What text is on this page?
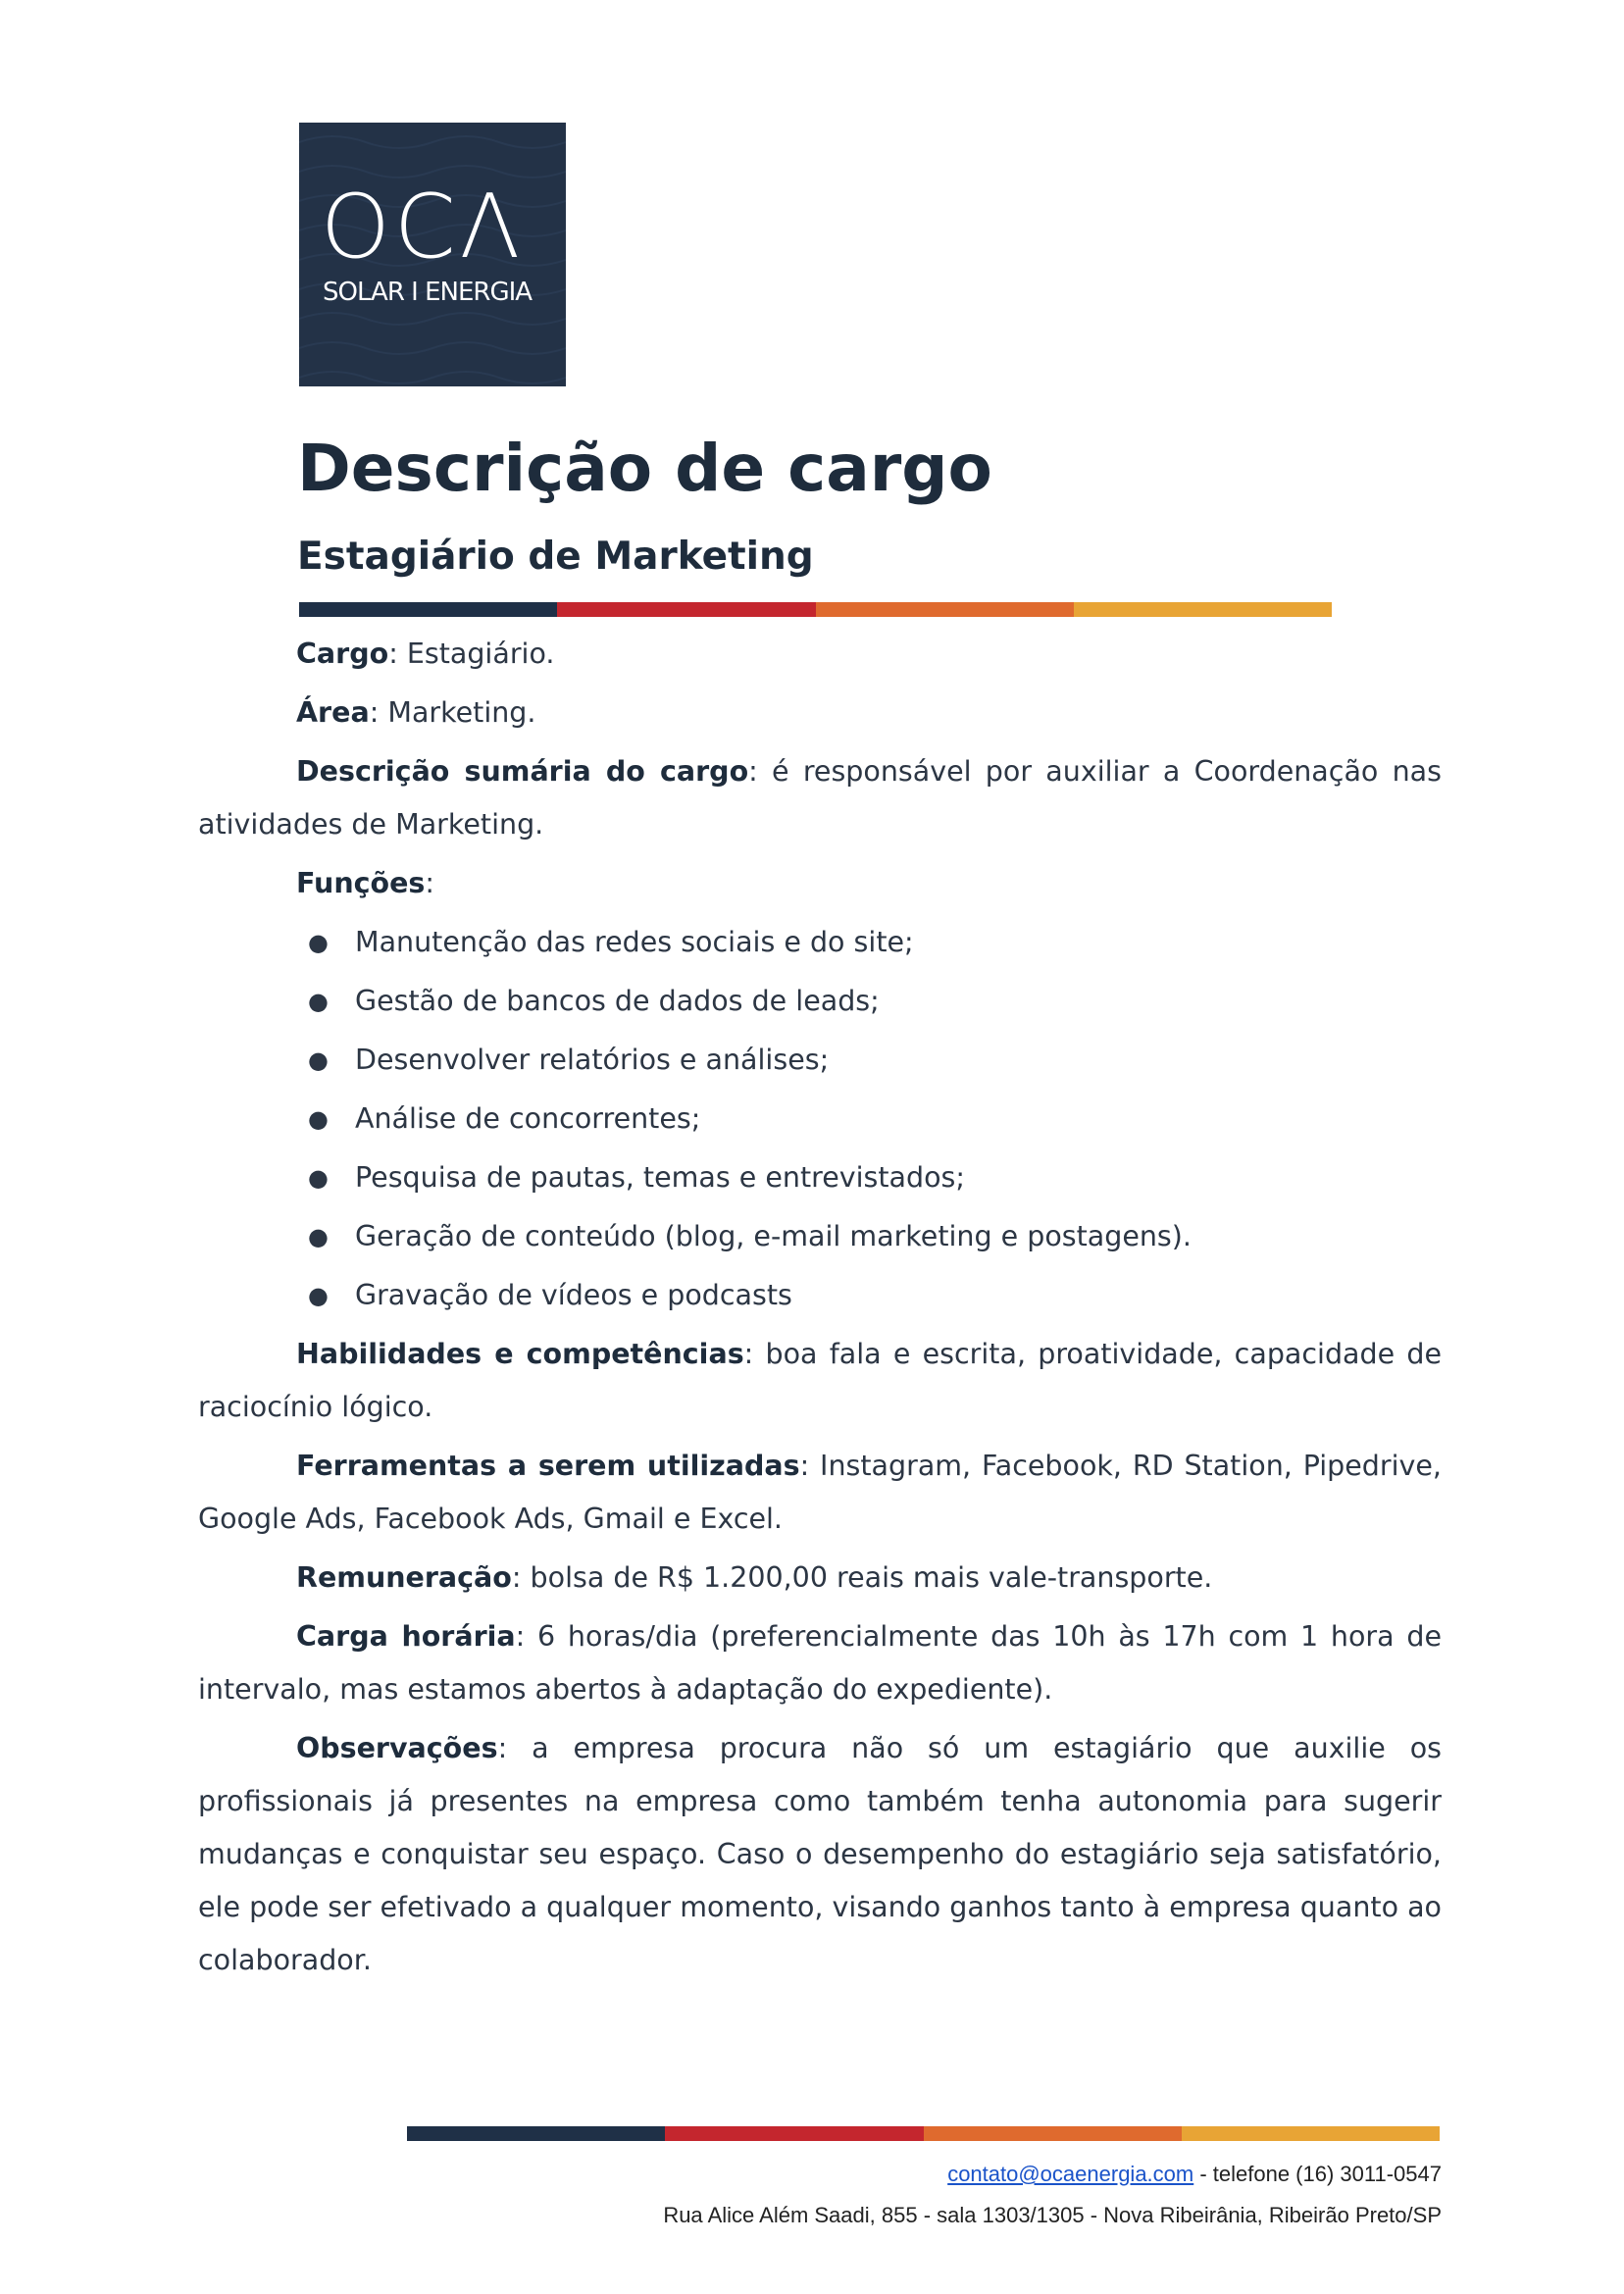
OCΛ
SOLAR I ENERGIA
Descrição de cargo
Estagiário de Marketing

Cargo: Estagiário.

Área: Marketing.

Descrição sumária do cargo: é responsável por auxiliar a Coordenação nas atividades de Marketing.

Funções:

● Manutenção das redes sociais e do site;
● Gestão de bancos de dados de leads;
● Desenvolver relatórios e análises;
● Análise de concorrentes;
● Pesquisa de pautas, temas e entrevistados;
● Geração de conteúdo (blog, e-mail marketing e postagens).
● Gravação de vídeos e podcasts

Habilidades e competências: boa fala e escrita, proatividade, capacidade de raciocínio lógico.

Ferramentas a serem utilizadas: Instagram, Facebook, RD Station, Pipedrive, Google Ads, Facebook Ads, Gmail e Excel.

Remuneração: bolsa de R$ 1.200,00 reais mais vale-transporte.

Carga horária: 6 horas/dia (preferencialmente das 10h às 17h com 1 hora de intervalo, mas estamos abertos à adaptação do expediente).

Observações: a empresa procura não só um estagiário que auxilie os profissionais já presentes na empresa como também tenha autonomia para sugerir mudanças e conquistar seu espaço. Caso o desempenho do estagiário seja satisfatório, ele pode ser efetivado a qualquer momento, visando ganhos tanto à empresa quanto ao colaborador.

contato@ocaenergia.com - telefone (16) 3011-0547
Rua Alice Além Saadi, 855 - sala 1303/1305 - Nova Ribeirânia, Ribeirão Preto/SP
